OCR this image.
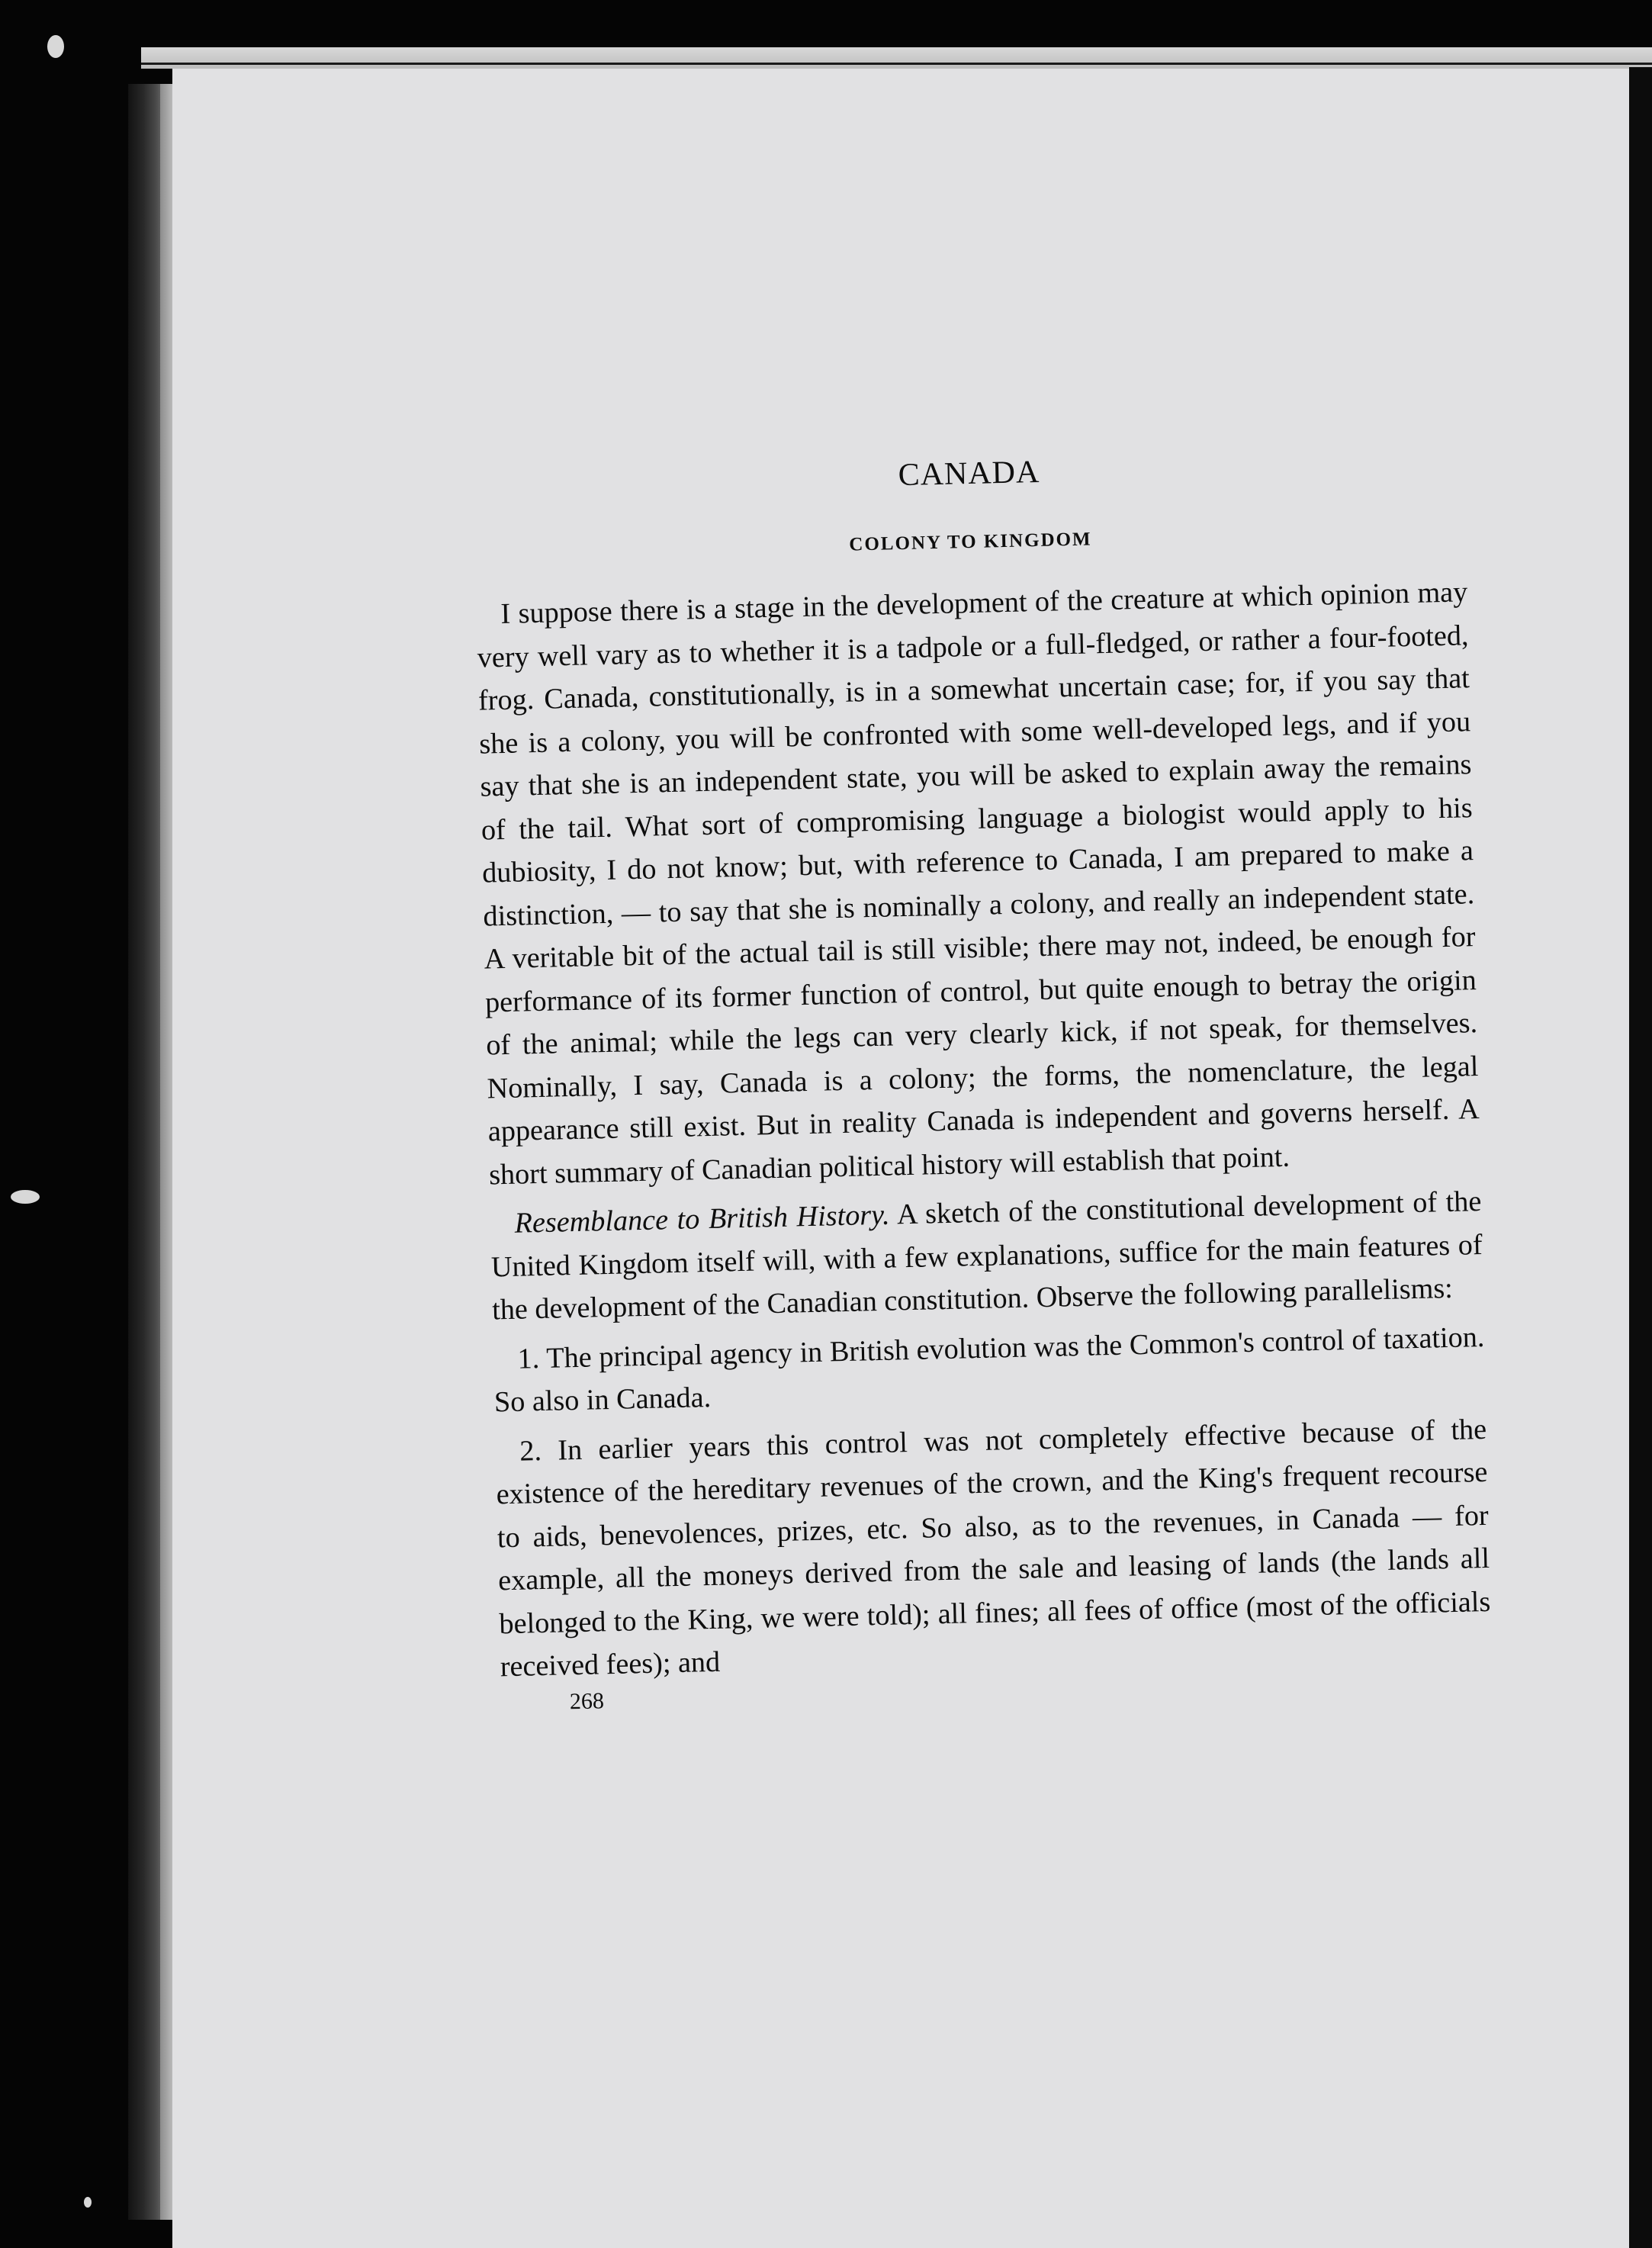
CANADA
COLONY TO KINGDOM

I suppose there is a stage in the development of the creature at which opinion may very well vary as to whether it is a tadpole or a full-fledged, or rather a four-footed, frog. Canada, constitutionally, is in a somewhat uncertain case; for, if you say that she is a colony, you will be confronted with some well-developed legs, and if you say that she is an independent state, you will be asked to explain away the remains of the tail. What sort of compromising language a biologist would apply to his dubiosity, I do not know; but, with reference to Canada, I am prepared to make a distinction, — to say that she is nominally a colony, and really an independent state. A veritable bit of the actual tail is still visible; there may not, indeed, be enough for performance of its former function of control, but quite enough to betray the origin of the animal; while the legs can very clearly kick, if not speak, for themselves. Nominally, I say, Canada is a colony; the forms, the nomenclature, the legal appearance still exist. But in reality Canada is independent and governs herself. A short summary of Canadian political history will establish that point.

Resemblance to British History. A sketch of the constitutional development of the United Kingdom itself will, with a few explanations, suffice for the main features of the development of the Canadian constitution. Observe the following parallelisms:

1. The principal agency in British evolution was the Common's control of taxation. So also in Canada.

2. In earlier years this control was not completely effective because of the existence of the hereditary revenues of the crown, and the King's frequent recourse to aids, benevolences, prizes, etc. So also, as to the revenues, in Canada — for example, all the moneys derived from the sale and leasing of lands (the lands all belonged to the King, we were told); all fines; all fees of office (most of the officials received fees); and

268
